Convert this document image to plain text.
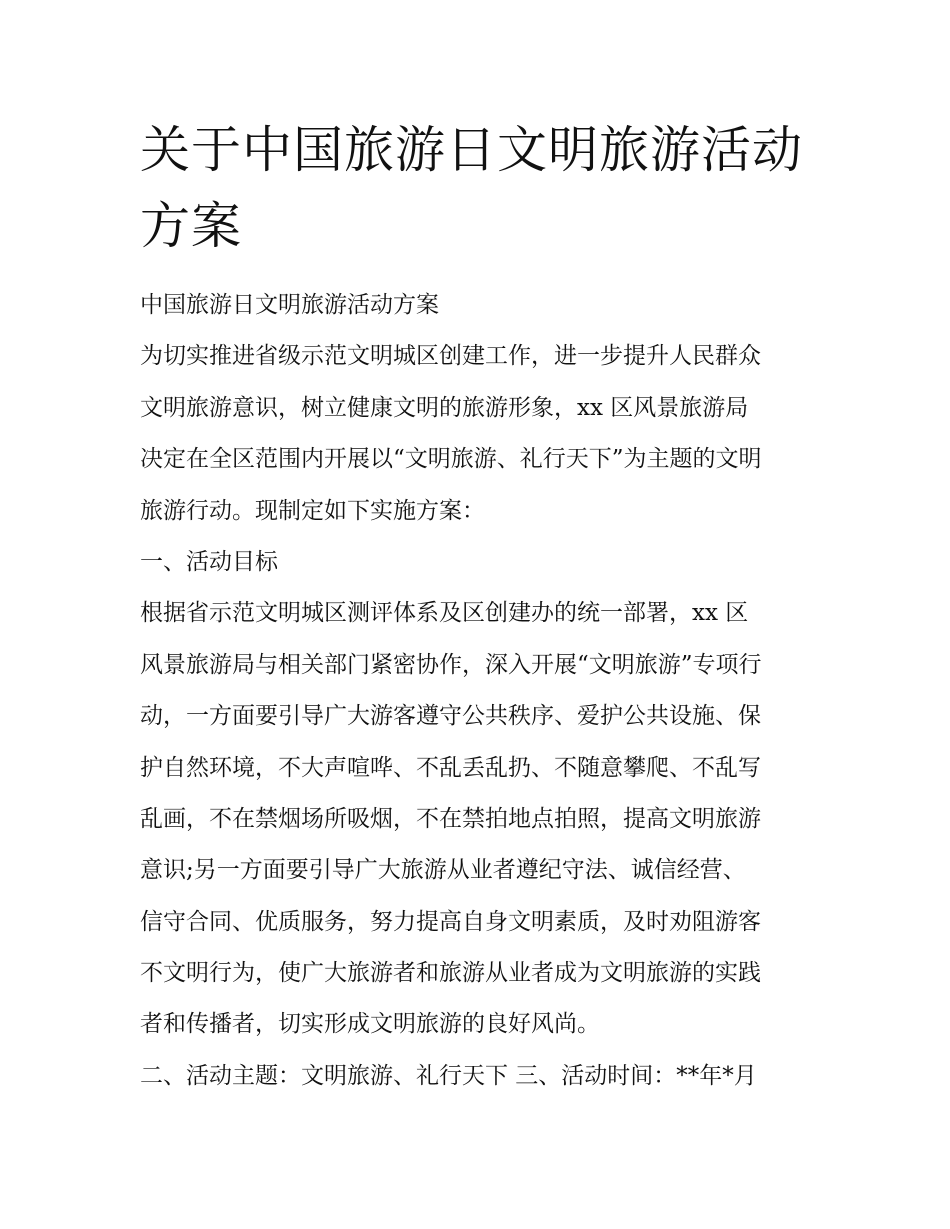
关于中国旅游日文明旅游活动
方案
中国旅游日文明旅游活动方案
为切实推进省级示范文明城区创建工作，进一步提升人民群众
文明旅游意识，树立健康文明的旅游形象，xx 区风景旅游局
决定在全区范围内开展以“文明旅游、礼行天下”为主题的文明
旅游行动。现制定如下实施方案：
一、活动目标
根据省示范文明城区测评体系及区创建办的统一部署，xx 区
风景旅游局与相关部门紧密协作，深入开展“文明旅游”专项行
动，一方面要引导广大游客遵守公共秩序、爱护公共设施、保
护自然环境，不大声喧哗、不乱丢乱扔、不随意攀爬、不乱写
乱画，不在禁烟场所吸烟，不在禁拍地点拍照，提高文明旅游
意识;另一方面要引导广大旅游从业者遵纪守法、诚信经营、
信守合同、优质服务，努力提高自身文明素质，及时劝阻游客
不文明行为，使广大旅游者和旅游从业者成为文明旅游的实践
者和传播者，切实形成文明旅游的良好风尚。
二、活动主题：文明旅游、礼行天下 三、活动时间：**年*月
